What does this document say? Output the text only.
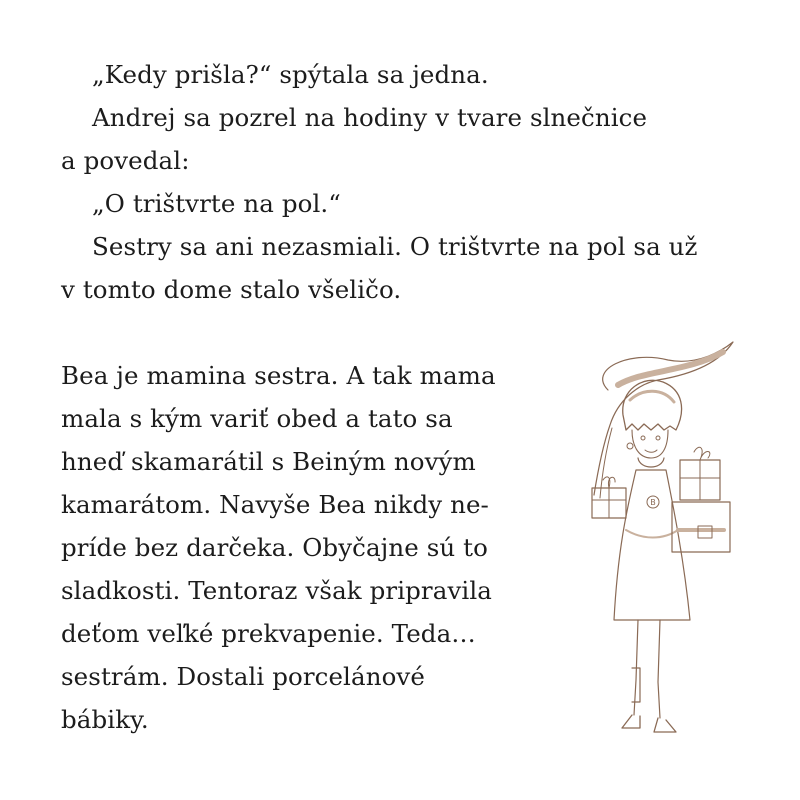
„Kedy prišla?“ spýtala sa jedna.
Andrej sa pozrel na hodiny v tvare slnečnice
a povedal:
„O trištvrte na pol.“
Sestry sa ani nezasmiali. O trištvrte na pol sa už
v tomto dome stalo všeličo.
Bea je mamina sestra. A tak mama
mala s kým variť obed a tato sa
hneď skamarátil s Beiným novým
kamarátom. Navyše Bea nikdy ne-
príde bez darčeka. Obyčajne sú to
sladkosti. Tentoraz však pripravila
deťom veľké prekvapenie. Teda…
sestrám. Dostali porcelánové
bábiky.
B
